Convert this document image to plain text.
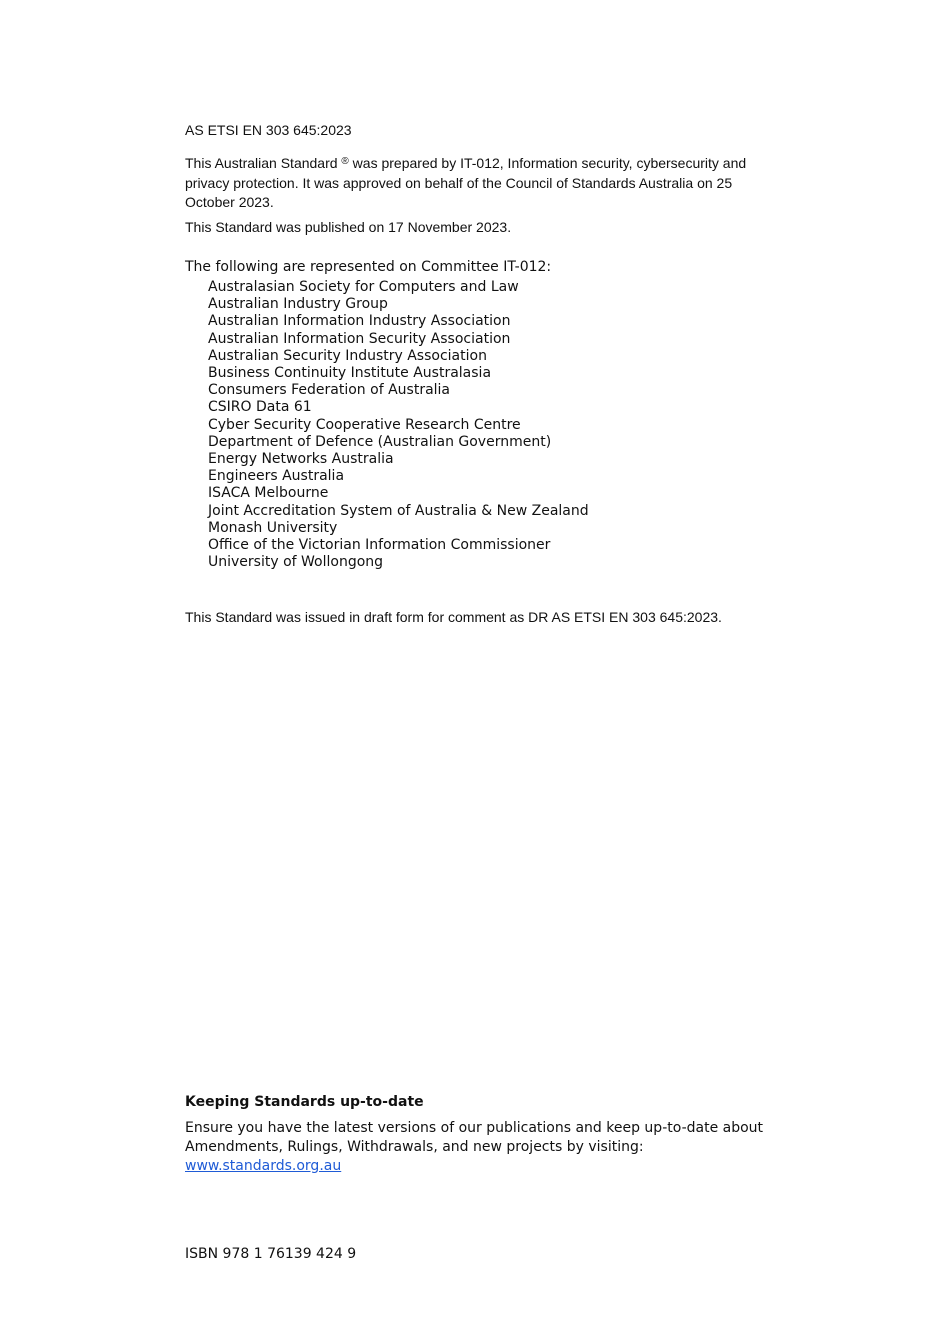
AS ETSI EN 303 645:2023

This Australian Standard ® was prepared by IT-012, Information security, cybersecurity and privacy protection. It was approved on behalf of the Council of Standards Australia on 25 October 2023.

This Standard was published on 17 November 2023.

The following are represented on Committee IT-012:

Australasian Society for Computers and Law
Australian Industry Group
Australian Information Industry Association
Australian Information Security Association
Australian Security Industry Association
Business Continuity Institute Australasia
Consumers Federation of Australia
CSIRO Data 61
Cyber Security Cooperative Research Centre
Department of Defence (Australian Government)
Energy Networks Australia
Engineers Australia
ISACA Melbourne
Joint Accreditation System of Australia & New Zealand
Monash University
Office of the Victorian Information Commissioner
University of Wollongong

This Standard was issued in draft form for comment as DR AS ETSI EN 303 645:2023.

Keeping Standards up-to-date

Ensure you have the latest versions of our publications and keep up-to-date about Amendments, Rulings, Withdrawals, and new projects by visiting:
www.standards.org.au

ISBN 978 1 76139 424 9
